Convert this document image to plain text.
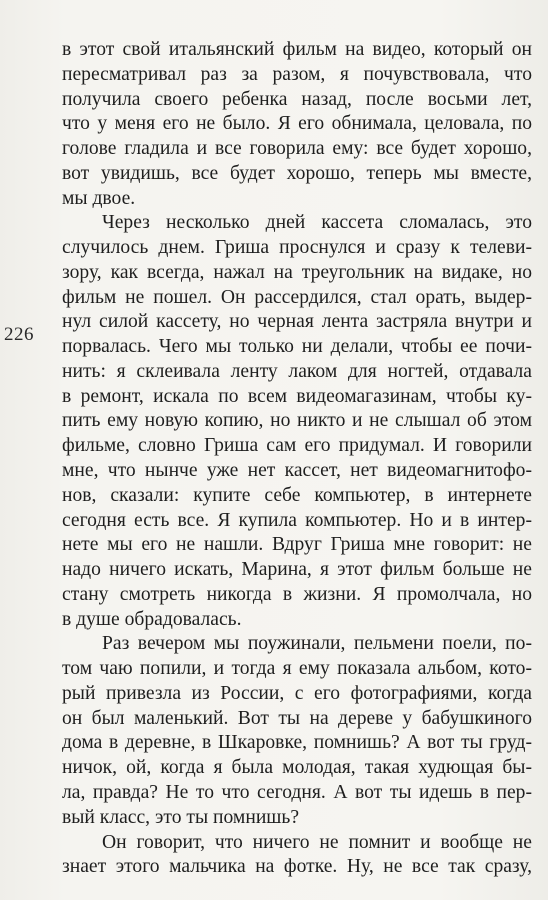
226
в этот свой итальянский фильм на видео, который он
пересматривал раз за разом, я почувствовала, что
получила своего ребенка назад, после восьми лет,
что у меня его не было. Я его обнимала, целовала, по
голове гладила и все говорила ему: все будет хорошо,
вот увидишь, все будет хорошо, теперь мы вместе,
мы двое.
Через несколько дней кассета сломалась, это
случилось днем. Гриша проснулся и сразу к телеви-
зору, как всегда, нажал на треугольник на видаке, но
фильм не пошел. Он рассердился, стал орать, выдер-
нул силой кассету, но черная лента застряла внутри и
порвалась. Чего мы только ни делали, чтобы ее почи-
нить: я склеивала ленту лаком для ногтей, отдавала
в ремонт, искала по всем видеомагазинам, чтобы ку-
пить ему новую копию, но никто и не слышал об этом
фильме, словно Гриша сам его придумал. И говорили
мне, что нынче уже нет кассет, нет видеомагнитофо-
нов, сказали: купите себе компьютер, в интернете
сегодня есть все. Я купила компьютер. Но и в интер-
нете мы его не нашли. Вдруг Гриша мне говорит: не
надо ничего искать, Марина, я этот фильм больше не
стану смотреть никогда в жизни. Я промолчала, но
в душе обрадовалась.
Раз вечером мы поужинали, пельмени поели, по-
том чаю попили, и тогда я ему показала альбом, кото-
рый привезла из России, с его фотографиями, когда
он был маленький. Вот ты на дереве у бабушкиного
дома в деревне, в Шкаровке, помнишь? А вот ты груд-
ничок, ой, когда я была молодая, такая худющая бы-
ла, правда? Не то что сегодня. А вот ты идешь в пер-
вый класс, это ты помнишь?
Он говорит, что ничего не помнит и вообще не
знает этого мальчика на фотке. Ну, не все так сразу,
